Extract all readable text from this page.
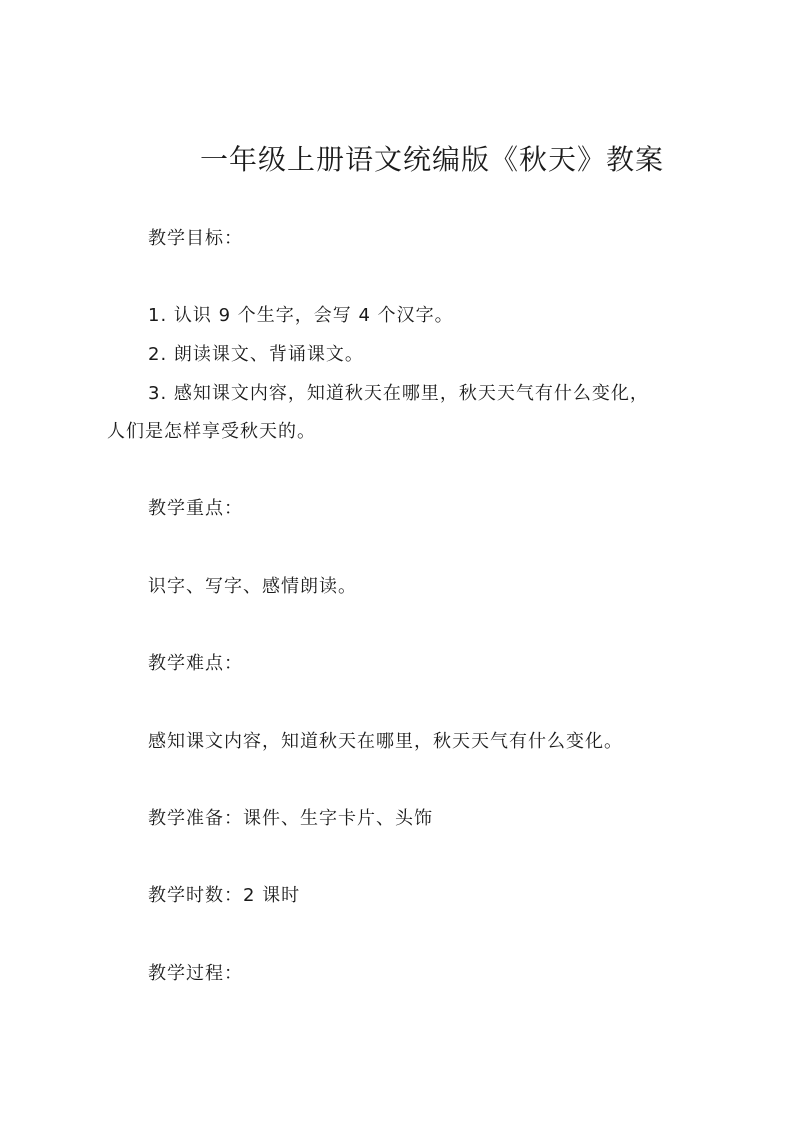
一年级上册语文统编版《秋天》教案
教学目标：
1. 认识 9 个生字，会写 4 个汉字。
2. 朗读课文、背诵课文。
3. 感知课文内容，知道秋天在哪里，秋天天气有什么变化，
人们是怎样享受秋天的。
教学重点：
识字、写字、感情朗读。
教学难点：
感知课文内容，知道秋天在哪里，秋天天气有什么变化。
教学准备：课件、生字卡片、头饰
教学时数：2 课时
教学过程：
